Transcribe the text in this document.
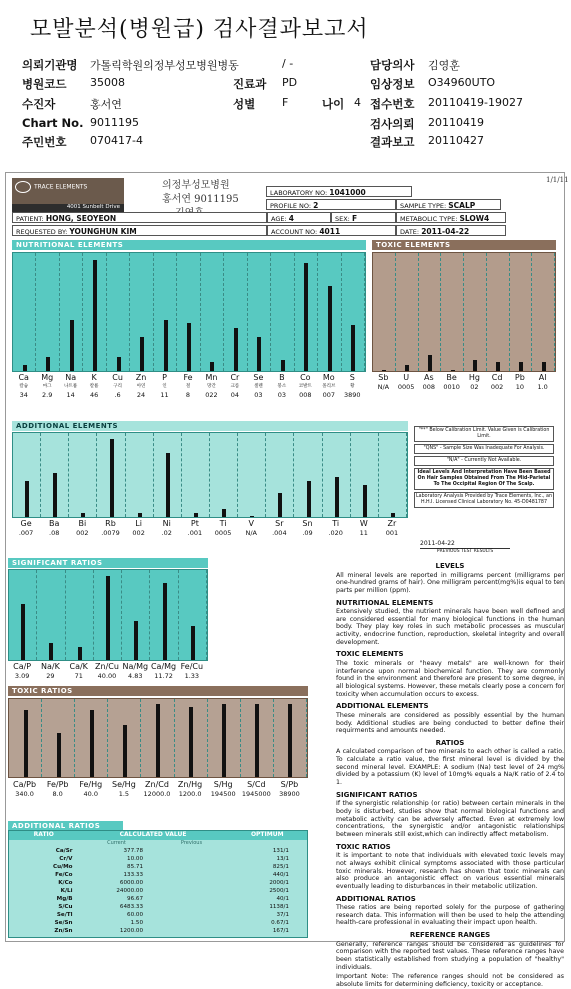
모발분석(병원급) 검사결과보고서
의뢰기관명 가톨릭학원의정부성모병원병동	/ -	담당의사 김영훈
병원코드 35008	진료과 PD	임상정보 O34960UTO
수진자	홍서연	성별 F	나이 4 접수번호 20110419-19027
Chart No. 9011195	검사의뢰 20110419
주민번호 070417-4	결과보고 20110427
TRACE ELEMENTS
4001 Sunbelt Drive
의정부성모병원
홍서연 9011195
1/1/11
LABORATORY NO: 1041000
PROFILE NO: 2	SAMPLE TYPE: SCALP
PATIENT: HONG, SEOYEON	AGE: 4	SEX: F	METABOLIC TYPE: SLOW4
REQUESTED BY: YOUNGHUN KIM	ACCOUNT NO: 4011	DATE: 2011-04-22
NUTRITIONAL ELEMENTS
Ca
칼슘
34
Mg
마그
2.9
Na
나트륨
14
K
칼륨
46
Cu
구리
.6
Zn
아연
24
P
인
11
Fe
철
8
Mn
망간
022
Cr
크롬
04
Se
셀렌
03
B
붕소
03
Co
코발트
008
Mo
몰리브
007
S
황
3890
TOXIC ELEMENTS
Sb
N/A
U
0005
As
008
Be
0010
Hg
02
Cd
002
Pb
10
Al
1.0
ADDITIONAL ELEMENTS
Ge
.007
Ba
.08
Bi
002
Rb
.0079
Li
002
Ni
.02
Pt
.001
Ti
0005
V
N/A
Sr
.004
Sn
.09
Ti
.020
W
11
Zr
001
"**" Below Calibration Limit. Value Given is Calibration Limit.
"QNS" - Sample Size Was Inadequate For Analysis.
"N/A" - Currently Not Available.
Ideal Levels And Interpretation Have Been Based On Hair Samples Obtained From The Mid-Parietal To The Occipital Region Of The Scalp.
Laboratory Analysis Provided by Trace Elements, Inc., an H.H.I. Licensed Clinical Laboratory No. 45-D0481787
2011-04-22
PREVIOUS TEST RESULTS
SIGNIFICANT RATIOS
Ca/P
3.09
Na/K
29
Ca/K
71
Zn/Cu
40.00
Na/Mg
4.83
Ca/Mg
11.72
Fe/Cu
1.33
TOXIC RATIOS
Ca/Pb
340.0
Fe/Pb
8.0
Fe/Hg
40.0
Se/Hg
1.5
Zn/Cd
12000.0
Zn/Hg
1200.0
S/Hg
194500
S/Cd
1945000
S/Pb
38900
ADDITIONAL RATIOS
RATIO	CALCULATED VALUE	OPTIMUM
Current	Previous
Ca/Sr	377.78	131/1
Cr/V	10.00	13/1
Cu/Mo	85.71	825/1
Fe/Co	133.33	440/1
K/Co	6000.00	2000/1
K/Li	24000.00	2500/1
Mg/B	96.67	40/1
S/Cu	6483.33	1138/1
Se/Tl	60.00	37/1
Se/Sn	1.50	0.67/1
Zn/Sn	1200.00	167/1
LEVELS

All mineral levels are reported in milligrams percent (milligrams per one-hundred grams of hair). One milligram percent(mg%)is equal to ten parts per million (ppm).

NUTRITIONAL ELEMENTS

Extensively studied, the nutrient minerals have been well defined and are considered essential for many biological functions in the human body. They play key roles in such metabolic processes as muscular activity, endocrine function, reproduction, skeletal integrity and overall development.

TOXIC ELEMENTS

The toxic minerals or "heavy metals" are well-known for their interference upon normal biochemical function. They are commonly found in the environment and therefore are present to some degree, in all biological systems. However, these metals clearly pose a concern for toxicity when accumulation occurs to excess.

ADDITIONAL ELEMENTS

These minerals are considered as possibly essential by the human body. Additional studies are being conducted to better define their requirments and amounts needed.

RATIOS

A calculated comparison of two minerals to each other is called a ratio. To calculate a ratio value, the first mineral level is divided by the second mineral level. EXAMPLE: A sodium (Na) test level of 24 mg% divided by a potassium (K) level of 10mg% equals a Na/K ratio of 2.4 to 1.

SIGNIFICANT RATIOS

If the synergistic relationship (or ratio) between certain minerals in the body is disturbed, studies show that normal biological functions and metabolic activity can be adversely affected. Even at extremely low concentrations, the synergistic and/or antagonistic relationships between minerals still exist,which can indirectly affect metabolism.

TOXIC RATIOS

It is important to note that individuals with elevated toxic levels may not always exhibit clinical symptoms associated with those particular toxic minerals. However, research has shown that toxic minerals can also produce an antagonistic effect on various essential minerals eventually leading to disturbances in their metabolic utilization.

ADDITIONAL RATIOS

These ratios are being reported solely for the purpose of gathering research data. This information will then be used to help the attending health-care professional in evaluating their impact upon health.

REFERENCE RANGES

Generally, reference ranges should be considered as guidelines for comparison with the reported test values. These reference ranges have been statistically established from studying a population of "healthy" individuals.

Important Note: The reference ranges should not be considered as absolute limits for determining deficiency, toxicity or acceptance.
